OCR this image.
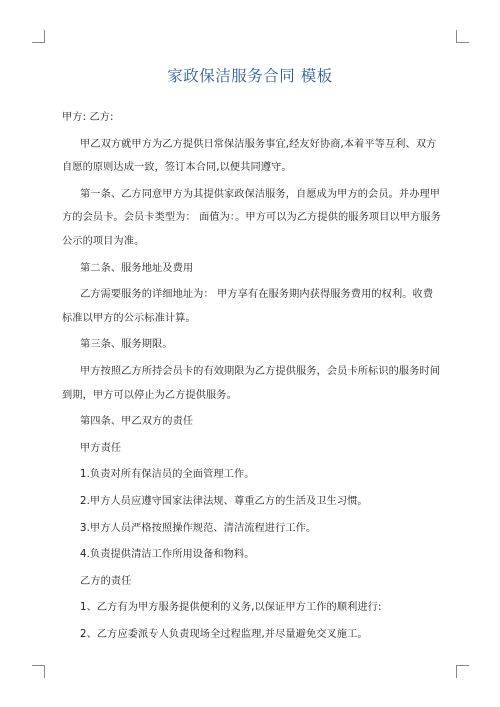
家政保洁服务合同 模板

甲方: 乙方:

甲乙双方就甲方为乙方提供日常保洁服务事宜,经友好协商,本着平等互利、双方自愿的原则达成一致，签订本合同,以便共同遵守。

第一条、乙方同意甲方为其提供家政保洁服务，自愿成为甲方的会员。并办理甲方的会员卡。会员卡类型为： 面值为：。甲方可以为乙方提供的服务项目以甲方服务公示的项目为准。

第二条、服务地址及费用

乙方需要服务的详细地址为： 甲方享有在服务期内获得服务费用的权利。收费标准以甲方的公示标准计算。

第三条、服务期限。

甲方按照乙方所持会员卡的有效期限为乙方提供服务，会员卡所标识的服务时间到期，甲方可以停止为乙方提供服务。

第四条、甲乙双方的责任

甲方责任

1.负责对所有保洁员的全面管理工作。

2.甲方人员应遵守国家法律法规、尊重乙方的生活及卫生习惯。

3.甲方人员严格按照操作规范、清洁流程进行工作。

4.负责提供清洁工作所用设备和物料。

乙方的责任

1、乙方有为甲方服务提供便利的义务,以保证甲方工作的顺利进行:

2、乙方应委派专人负责现场全过程监理,并尽量避免交叉施工。
